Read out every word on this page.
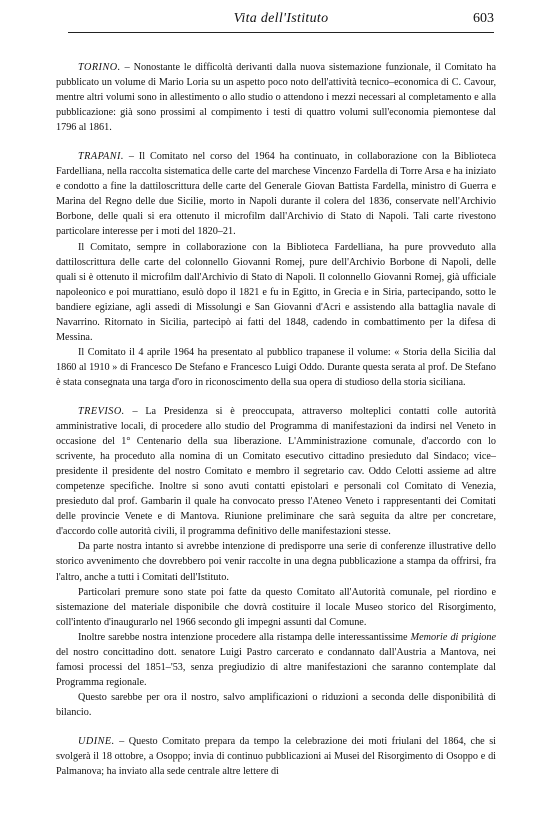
Vita dell'Istituto	603

TORINO. – Nonostante le difficoltà derivanti dalla nuova sistemazione funzionale, il Comitato ha pubblicato un volume di Mario Loria su un aspetto poco noto dell'attività tecnico–economica di C. Cavour, mentre altri volumi sono in allestimento o allo studio o attendono i mezzi necessari al completamento e alla pubblicazione: già sono prossimi al compimento i testi di quattro volumi sull'economia piemontese dal 1796 al 1861.

TRAPANI. – Il Comitato nel corso del 1964 ha continuato, in collaborazione con la Biblioteca Fardelliana, nella raccolta sistematica delle carte del marchese Vincenzo Fardella di Torre Arsa e ha iniziato e condotto a fine la dattiloscrittura delle carte del Generale Giovan Battista Fardella, ministro di Guerra e Marina del Regno delle due Sicilie, morto in Napoli durante il colera del 1836, conservate nell'Archivio Borbone, delle quali si era ottenuto il microfilm dall'Archivio di Stato di Napoli. Tali carte rivestono particolare interesse per i moti del 1820–21.

Il Comitato, sempre in collaborazione con la Biblioteca Fardelliana, ha pure provveduto alla dattiloscrittura delle carte del colonnello Giovanni Romej, pure dell'Archivio Borbone di Napoli, delle quali si è ottenuto il microfilm dall'Archivio di Stato di Napoli. Il colonnello Giovanni Romej, già ufficiale napoleonico e poi murattiano, esulò dopo il 1821 e fu in Egitto, in Grecia e in Siria, partecipando, sotto le bandiere egiziane, agli assedi di Missolungi e San Giovanni d'Acri e assistendo alla battaglia navale di Navarrino. Ritornato in Sicilia, partecipò ai fatti del 1848, cadendo in combattimento per la difesa di Messina.

Il Comitato il 4 aprile 1964 ha presentato al pubblico trapanese il volume: « Storia della Sicilia dal 1860 al 1910 » di Francesco De Stefano e Francesco Luigi Oddo. Durante questa serata al prof. De Stefano è stata consegnata una targa d'oro in riconoscimento della sua opera di studioso della storia siciliana.

TREVISO. – La Presidenza si è preoccupata, attraverso molteplici contatti colle autorità amministrative locali, di procedere allo studio del Programma di manifestazioni da indirsi nel Veneto in occasione del 1° Centenario della sua liberazione. L'Amministrazione comunale, d'accordo con lo scrivente, ha proceduto alla nomina di un Comitato esecutivo cittadino presieduto dal Sindaco; vice–presidente il presidente del nostro Comitato e membro il segretario cav. Oddo Celotti assieme ad altre competenze specifiche. Inoltre si sono avuti contatti epistolari e personali col Comitato di Venezia, presieduto dal prof. Gambarin il quale ha convocato presso l'Ateneo Veneto i rappresentanti dei Comitati delle provincie Venete e di Mantova. Riunione preliminare che sarà seguita da altre per concretare, d'accordo colle autorità civili, il programma definitivo delle manifestazioni stesse.

Da parte nostra intanto si avrebbe intenzione di predisporre una serie di conferenze illustrative dello storico avvenimento che dovrebbero poi venir raccolte in una degna pubblicazione a stampa da offrirsi, fra l'altro, anche a tutti i Comitati dell'Istituto.

Particolari premure sono state poi fatte da questo Comitato all'Autorità comunale, pel riordino e sistemazione del materiale disponibile che dovrà costituire il locale Museo storico del Risorgimento, coll'intento d'inaugurarlo nel 1966 secondo gli impegni assunti dal Comune.

Inoltre sarebbe nostra intenzione procedere alla ristampa delle interessantissime Memorie di prigione del nostro concittadino dott. senatore Luigi Pastro carcerato e condannato dall'Austria a Mantova, nei famosi processi del 1851–'53, senza pregiudizio di altre manifestazioni che saranno contemplate dal Programma regionale.

Questo sarebbe per ora il nostro, salvo amplificazioni o riduzioni a seconda delle disponibilità di bilancio.

UDINE. – Questo Comitato prepara da tempo la celebrazione dei moti friulani del 1864, che si svolgerà il 18 ottobre, a Osoppo; invia di continuo pubblicazioni ai Musei del Risorgimento di Osoppo e di Palmanova; ha inviato alla sede centrale altre lettere di
